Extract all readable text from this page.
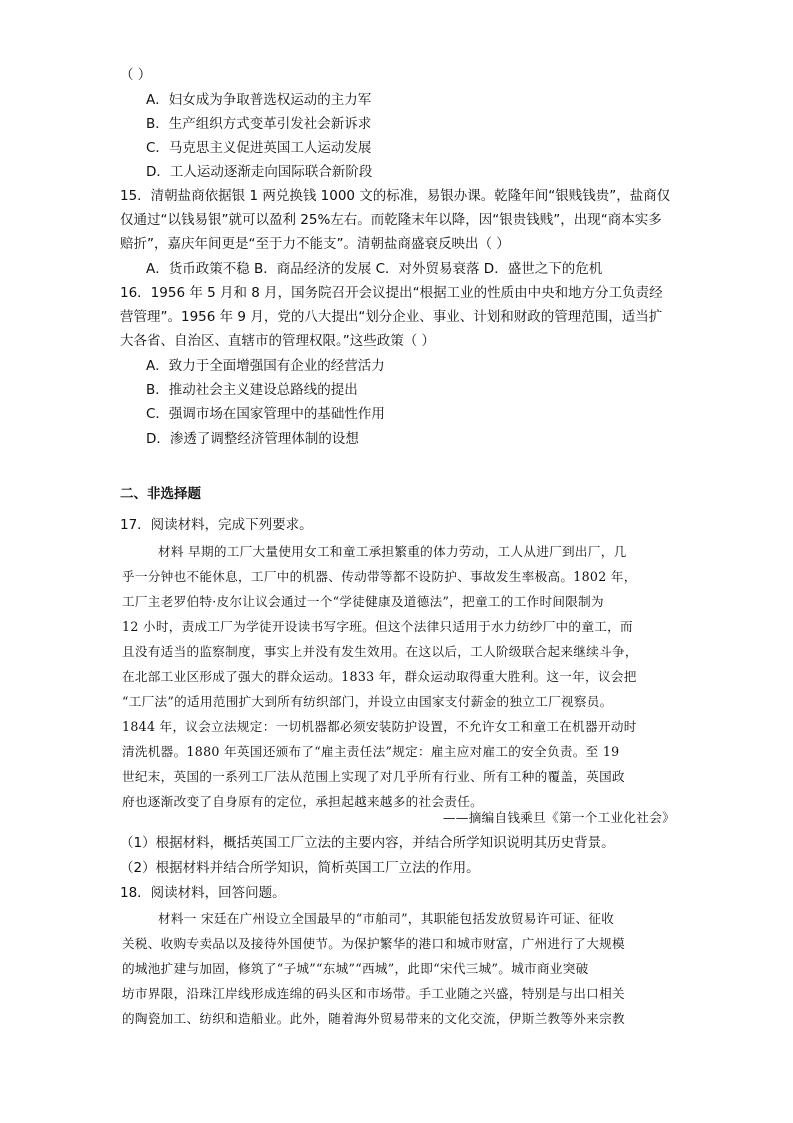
（ ）
A．妇女成为争取普选权运动的主力军
B．生产组织方式变革引发社会新诉求
C．马克思主义促进英国工人运动发展
D．工人运动逐渐走向国际联合新阶段
15．清朝盐商依据银 1 两兑换钱 1000 文的标准，易银办课。乾隆年间“银贱钱贵”，盐商仅
仅通过“以钱易银”就可以盈利 25%左右。而乾隆末年以降，因“银贵钱贱”，出现“商本实多
赔折”，嘉庆年间更是“至于力不能支”。清朝盐商盛衰反映出（ ）
A．货币政策不稳 B．商品经济的发展 C．对外贸易衰落 D．盛世之下的危机
16．1956 年 5 月和 8 月，国务院召开会议提出“根据工业的性质由中央和地方分工负责经
营管理”。1956 年 9 月，党的八大提出“划分企业、事业、计划和财政的管理范围，适当扩
大各省、自治区、直辖市的管理权限。”这些政策（ ）
A．致力于全面增强国有企业的经营活力
B．推动社会主义建设总路线的提出
C．强调市场在国家管理中的基础性作用
D．渗透了调整经济管理体制的设想
二、非选择题
17．阅读材料，完成下列要求。
材料 早期的工厂大量使用女工和童工承担繁重的体力劳动，工人从进厂到出厂，几
乎一分钟也不能休息，工厂中的机器、传动带等都不设防护、事故发生率极高。1802 年，
工厂主老罗伯特·皮尔让议会通过一个“学徒健康及道德法”，把童工的工作时间限制为
12 小时，责成工厂为学徒开设读书写字班。但这个法律只适用于水力纺纱厂中的童工，而
且没有适当的监察制度，事实上并没有发生效用。在这以后，工人阶级联合起来继续斗争，
在北部工业区形成了强大的群众运动。1833 年，群众运动取得重大胜利。这一年，议会把
“工厂法”的适用范围扩大到所有纺织部门，并设立由国家支付薪金的独立工厂视察员。
1844 年，议会立法规定：一切机器都必须安装防护设置，不允许女工和童工在机器开动时
清洗机器。1880 年英国还颁布了“雇主责任法”规定：雇主应对雇工的安全负责。至 19
世纪末，英国的一系列工厂法从范围上实现了对几乎所有行业、所有工种的覆盖，英国政
府也逐渐改变了自身原有的定位，承担起越来越多的社会责任。
——摘编自钱乘旦《第一个工业化社会》
（1）根据材料，概括英国工厂立法的主要内容，并结合所学知识说明其历史背景。
（2）根据材料并结合所学知识，简析英国工厂立法的作用。
18．阅读材料，回答问题。
材料一 宋廷在广州设立全国最早的“市舶司”，其职能包括发放贸易许可证、征收
关税、收购专卖品以及接待外国使节。为保护繁华的港口和城市财富，广州进行了大规模
的城池扩建与加固，修筑了“子城”“东城”“西城”，此即“宋代三城”。城市商业突破
坊市界限，沿珠江岸线形成连绵的码头区和市场带。手工业随之兴盛，特别是与出口相关
的陶瓷加工、纺织和造船业。此外，随着海外贸易带来的文化交流，伊斯兰教等外来宗教
